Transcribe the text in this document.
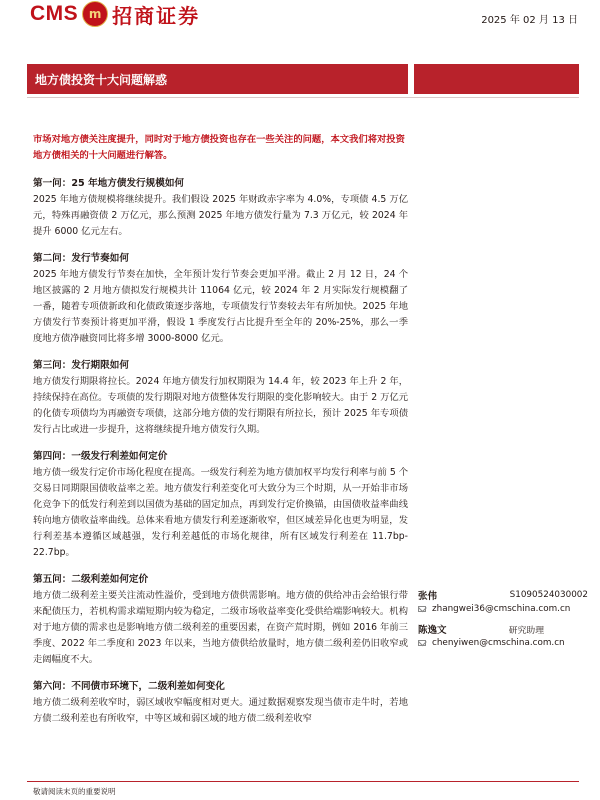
CMS m 招商证券	2025 年 02 月 13 日
地方债投资十大问题解惑

市场对地方债关注度提升，同时对于地方债投资也存在一些关注的问题，本文我们将对投资地方债相关的十大问题进行解答。

第一问：25 年地方债发行规模如何

2025 年地方债规模将继续提升。我们假设 2025 年财政赤字率为 4.0%，专项债 4.5 万亿元，特殊再融资债 2 万亿元，那么预测 2025 年地方债发行量为 7.3 万亿元，较 2024 年提升 6000 亿元左右。

第二问：发行节奏如何

2025 年地方债发行节奏在加快，全年预计发行节奏会更加平滑。截止 2 月 12 日，24 个地区披露的 2 月地方债拟发行规模共计 11064 亿元，较 2024 年 2 月实际发行规模翻了一番，随着专项债新政和化债政策逐步落地，专项债发行节奏较去年有所加快。2025 年地方债发行节奏预计将更加平滑，假设 1 季度发行占比提升至全年的 20%-25%，那么一季度地方债净融资同比将多增 3000-8000 亿元。

第三问：发行期限如何

地方债发行期限将拉长。2024 年地方债发行加权期限为 14.4 年，较 2023 年上升 2 年，持续保持在高位。专项债的发行期限对地方债整体发行期限的变化影响较大。由于 2 万亿元的化债专项债均为再融资专项债，这部分地方债的发行期限有所拉长，预计 2025 年专项债发行占比或进一步提升，这将继续提升地方债发行久期。

第四问：一级发行利差如何定价

地方债一级发行定价市场化程度在提高。一级发行利差为地方债加权平均发行利率与前 5 个交易日同期限国债收益率之差。地方债发行利差变化可大致分为三个时期，从一开始非市场化竞争下的低发行利差到以国债为基础的固定加点，再到发行定价換锚，由国债收益率曲线转向地方债收益率曲线。总体来看地方债发行利差逐渐收窄，但区域差异化也更为明显，发行利差基本遵循区域越强，发行利差越低的市场化规律，所有区域发行利差在 11.7bp-22.7bp。

第五问：二级利差如何定价

地方债二级利差主要关注流动性溢价，受到地方债供需影响。地方债的供给冲击会给银行带来配债压力，若机构需求端短期内较为稳定，二级市场收益率变化受供给端影响较大。机构对于地方债的需求也是影响地方债二级利差的重要因素，在资产荒时期，例如 2016 年前三季度、2022 年二季度和 2023 年以来，当地方债供给放量时，地方债二级利差仍旧收窄或走阔幅度不大。

第六问：不同债市环境下，二级利差如何变化

地方债二级利差收窄时，弱区域收窄幅度相对更大。通过数据观察发现当债市走牛时，若地方债二级利差也有所收窄，中等区域和弱区域的地方债二级利差收窄

张伟	S1090524030002
zhangwei36@cmschina.com.cn
陈逸文	研究助理
chenyiwen@cmschina.com.cn
敬请阅读末页的重要说明
